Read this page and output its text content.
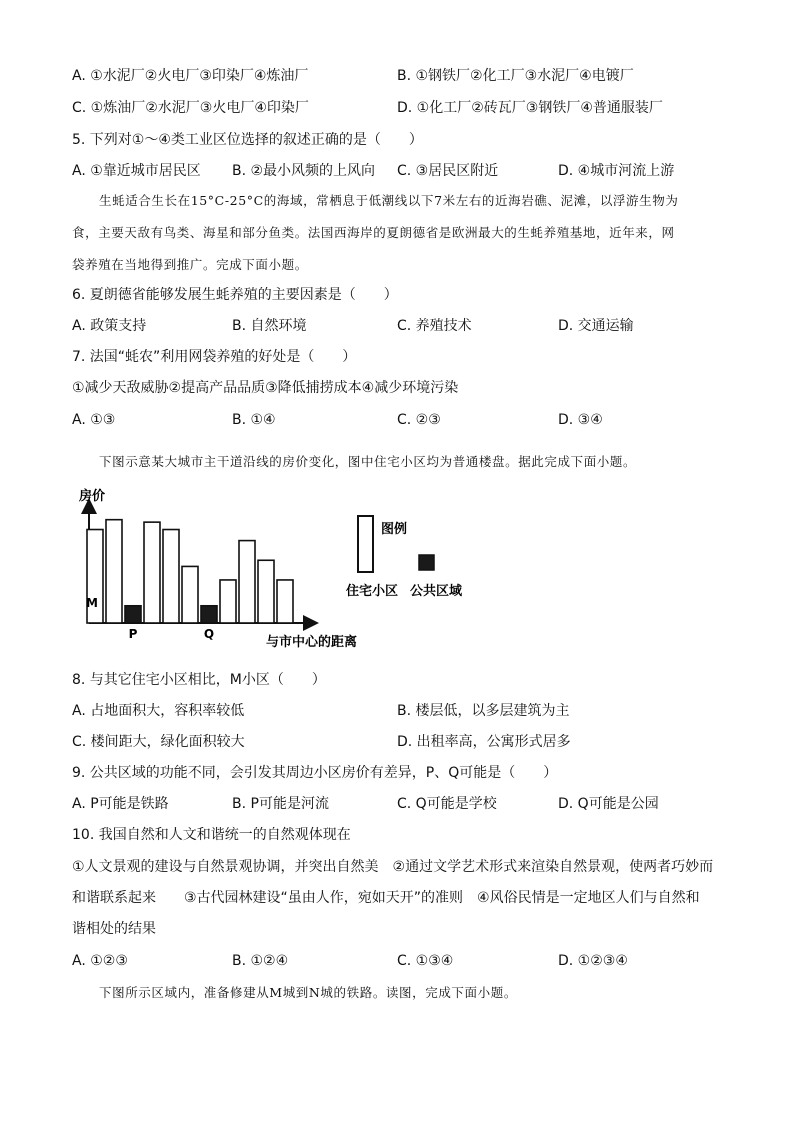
A. ①水泥厂②火电厂③印染厂④炼油厂	B. ①钢铁厂②化工厂③水泥厂④电镀厂
C. ①炼油厂②水泥厂③火电厂④印染厂	D. ①化工厂②砖瓦厂③钢铁厂④普通服装厂
5. 下列对①～④类工业区位选择的叙述正确的是（　　）
A. ①靠近城市居民区 B. ②最小风频的上风向 C. ③居民区附近	D. ④城市河流上游
生蚝适合生长在15°C-25°C的海域，常栖息于低潮线以下7米左右的近海岩礁、泥滩，以浮游生物为
食，主要天敌有鸟类、海星和部分鱼类。法国西海岸的夏朗德省是欧洲最大的生蚝养殖基地，近年来，网
袋养殖在当地得到推广。完成下面小题。
6. 夏朗德省能够发展生蚝养殖的主要因素是（　　）
A. 政策支持	B. 自然环境	C. 养殖技术	D. 交通运输
7. 法国“蚝农”利用网袋养殖的好处是（　　）
①减少天敌威胁②提高产品品质③降低捕捞成本④减少环境污染
A. ①③	B. ①④	C. ②③	D. ③④
下图示意某大城市主干道沿线的房价变化，图中住宅小区均为普通楼盘。据此完成下面小题。
房价
与市中心的距离
M
P	Q
图例
住宅小区 公共区域
8. 与其它住宅小区相比，M小区（　　）
A. 占地面积大，容积率较低	B. 楼层低，以多层建筑为主
C. 楼间距大，绿化面积较大	D. 出租率高，公寓形式居多
9. 公共区域的功能不同，会引发其周边小区房价有差异，P、Q可能是（　　）
A. P可能是铁路	B. P可能是河流	C. Q可能是学校	D. Q可能是公园
10. 我国自然和人文和谐统一的自然观体现在
①人文景观的建设与自然景观协调，并突出自然美　②通过文学艺术形式来渲染自然景观，使两者巧妙而
和谐联系起来　　③古代园林建设“虽由人作，宛如天开”的准则　④风俗民情是一定地区人们与自然和
谐相处的结果
A. ①②③	B. ①②④	C. ①③④	D. ①②③④
下图所示区域内，准备修建从M城到N城的铁路。读图，完成下面小题。
